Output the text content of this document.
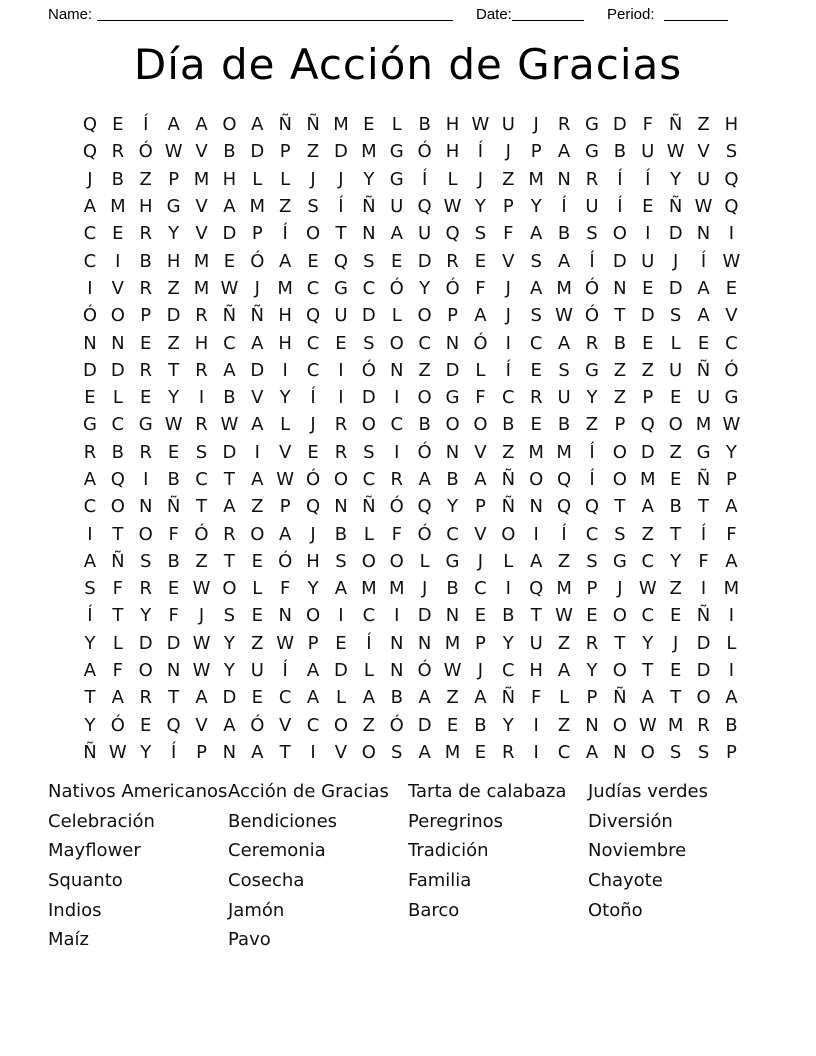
Name:	Date:	Period:
Día de Acción de Gracias
Q E	Í	A A O A Ñ Ñ M E L B H W U	J	R G D F Ñ Z H
Q R Ó W V B D P Z D M G Ó H	Í	J	P A G B U W V S
J	B Z P M H L L	J	J	Y G	Í	L	J	Z M N R	Í	Í	Y U Q
A M H G V A M Z S	Í	Ñ U Q W Y P Y	Í	U	Í	E Ñ W Q
C E R Y V D P	Í	O T N A U Q S F A B S O	I	D N	I
C	I	B H M E Ó A E Q S E D R E V S A	Í	D U	J	Í W
I	V R Z M W J M C G C Ó Y Ó F	J	A M Ó N E D A E
Ó O P D R Ñ Ñ H Q U D L O P A	J	S W Ó T D S A V
N N E Z H C A H C E S O C N Ó	I	C A R B E L E C
D D R T R A D	I	C	I	Ó N Z D L	Í	E S G Z Z U Ñ Ó
E L E Y	I	B V Y	Í	I	D	I	O G F C R U Y Z P E U G
G C G W R W A L	J	R O C B O O B E B Z P Q O M W
R B R E S D	I	V E R S	I	Ó N V Z M M Í	O D Z G Y
A Q	I	B C T A W Ó O C R A B A Ñ O Q	Í	O M E Ñ P
C O N Ñ T A Z P Q N Ñ Ó Q Y P Ñ N Q Q T A B T A
I	T O F Ó R O A	J	B L F Ó C V O	I	Í	C S Z T	Í	F
A Ñ S B Z T E Ó H S O O L G	J	L A Z S G C Y F A
S F R E W O L F Y A M M J	B C	I	Q M P	J W Z	I M
Í	T Y F	J	S E N O	I	C	I	D N E B T W E O C E Ñ	I
Y L D D W Y Z W P E	Í	N N M P Y U Z R T Y	J	D L
A F O N W Y U	Í	A D L N Ó W J	C H A Y O T E D	I
T A R T A D E C A L A B A Z A Ñ F L P Ñ A T O A
Y Ó E Q V A Ó V C O Z Ó D E B Y	I	Z N O W M R B
Ñ W Y	Í	P N A T	I	V O S A M E R	I	C A N O S S P
Nativos Americanos
Celebración
Mayflower
Squanto
Indios
Maíz
Acción de Gracias
Bendiciones
Ceremonia
Cosecha
Jamón
Pavo
Tarta de calabaza
Peregrinos
Tradición
Familia
Barco
Judías verdes
Diversión
Noviembre
Chayote
Otoño
